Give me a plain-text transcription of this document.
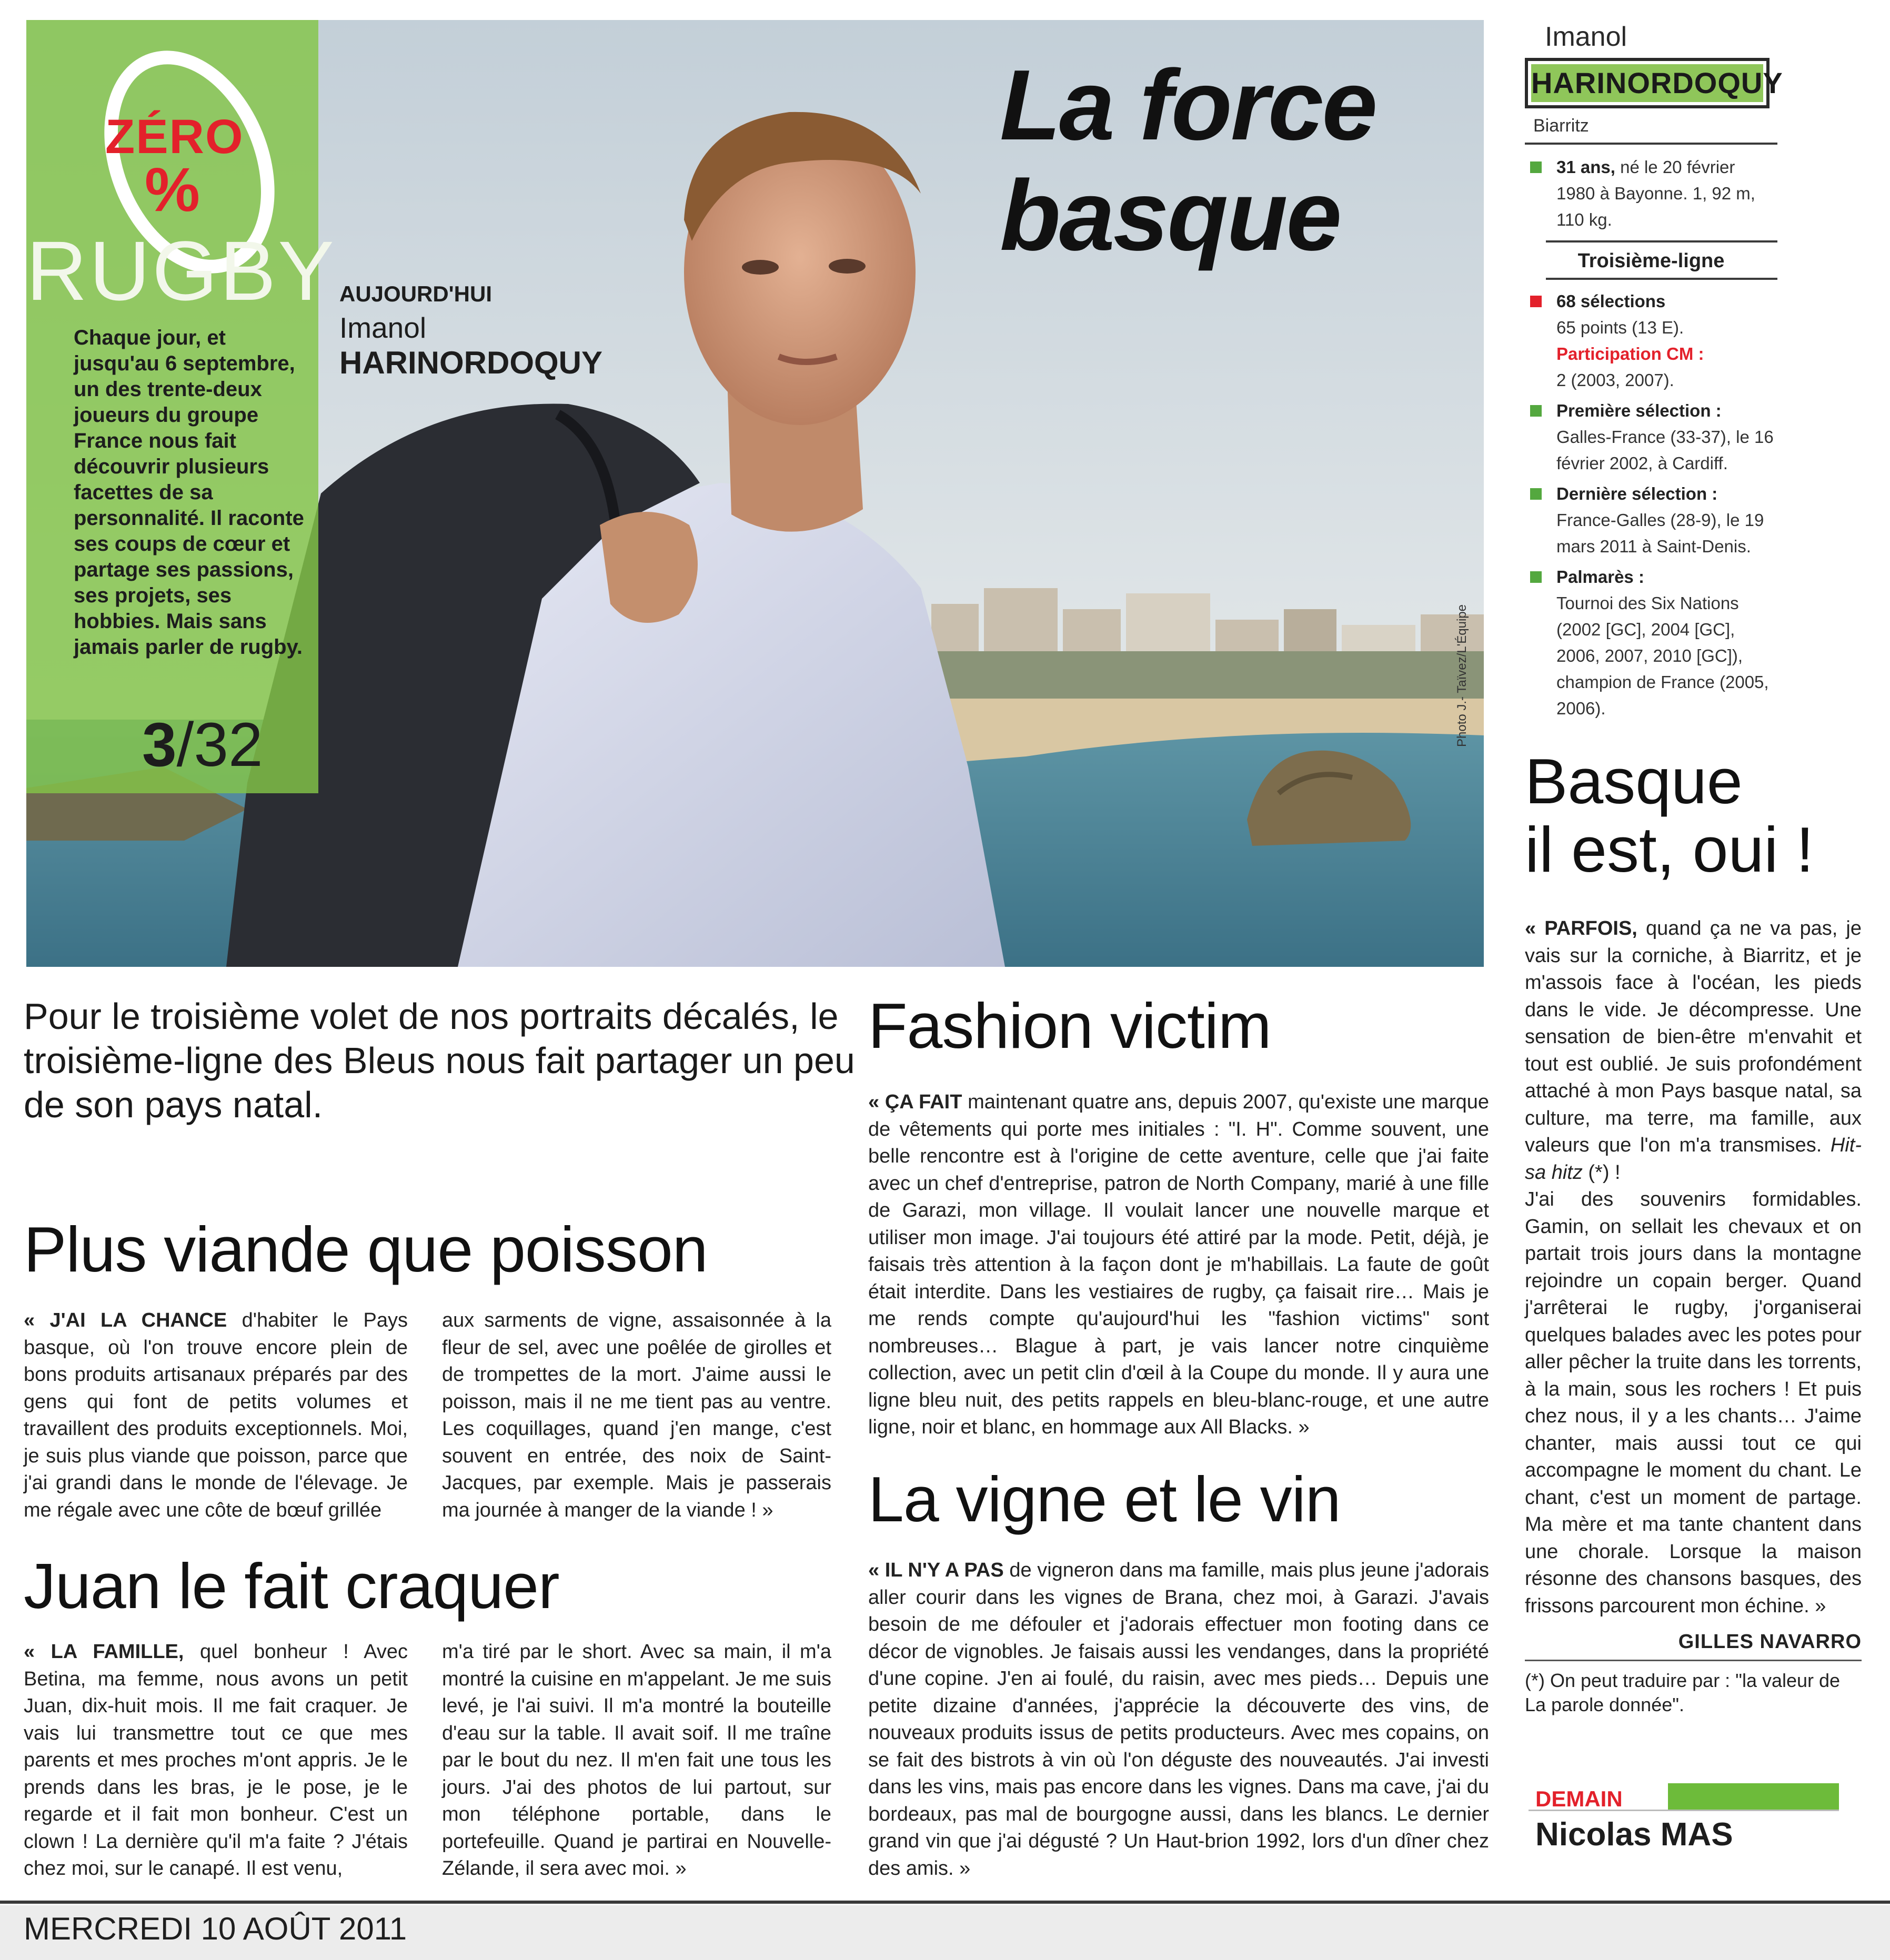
ZÉRO
%
RUGBY

Chaque jour, et jusqu'au 6 septembre, un des trente-deux joueurs du groupe France nous fait découvrir plusieurs facettes de sa personnalité. Il raconte ses coups de cœur et partage ses passions, ses projets, ses hobbies. Mais sans jamais parler de rugby.

3/32
La force
basque
AUJOURD'HUI
Imanol
HARINORDOQUY
Photo J.- Taïvez/L'Équipe
Imanol
HARINORDOQUY
Biarritz
31 ans, né le 20 février 1980 à Bayonne. 1, 92 m, 110 kg.
Troisième-ligne
68 sélections
65 points (13 E).
Participation CM :
2 (2003, 2007).
Première sélection :
Galles-France (33-37), le 16 février 2002, à Cardiff.
Dernière sélection :
France-Galles (28-9), le 19 mars 2011 à Saint-Denis.
Palmarès :
Tournoi des Six Nations (2002 [GC], 2004 [GC], 2006, 2007, 2010 [GC]), champion de France (2005, 2006).

Pour le troisième volet de nos portraits décalés, le troisième-ligne des Bleus nous fait partager un peu de son pays natal.

Plus viande que poisson

« J'AI LA CHANCE d'habiter le Pays basque, où l'on trouve encore plein de bons produits artisanaux préparés par des gens qui font de petits volumes et travaillent des produits exceptionnels. Moi, je suis plus viande que poisson, parce que j'ai grandi dans le monde de l'élevage. Je me régale avec une côte de bœuf grillée

aux sarments de vigne, assaisonnée à la fleur de sel, avec une poêlée de girolles et de trompettes de la mort. J'aime aussi le poisson, mais il ne me tient pas au ventre. Les coquillages, quand j'en mange, c'est souvent en entrée, des noix de Saint-Jacques, par exemple. Mais je passerais ma journée à manger de la viande ! »

Juan le fait craquer

« LA FAMILLE, quel bonheur ! Avec Betina, ma femme, nous avons un petit Juan, dix-huit mois. Il me fait craquer. Je vais lui transmettre tout ce que mes parents et mes proches m'ont appris. Je le prends dans les bras, je le pose, je le regarde et il fait mon bonheur. C'est un clown ! La dernière qu'il m'a faite ? J'étais chez moi, sur le canapé. Il est venu,

m'a tiré par le short. Avec sa main, il m'a montré la cuisine en m'appelant. Je me suis levé, je l'ai suivi. Il m'a montré la bouteille d'eau sur la table. Il avait soif. Il me traîne par le bout du nez. Il m'en fait une tous les jours. J'ai des photos de lui partout, sur mon téléphone portable, dans le portefeuille. Quand je partirai en Nouvelle-Zélande, il sera avec moi. »

Fashion victim

« ÇA FAIT maintenant quatre ans, depuis 2007, qu'existe une marque de vêtements qui porte mes initiales : "I. H". Comme souvent, une belle rencontre est à l'origine de cette aventure, celle que j'ai faite avec un chef d'entreprise, patron de North Company, marié à une fille de Garazi, mon village. Il voulait lancer une nouvelle marque et utiliser mon image. J'ai toujours été attiré par la mode. Petit, déjà, je faisais très attention à la façon dont je m'habillais. La faute de goût était interdite. Dans les vestiaires de rugby, ça faisait rire… Mais je me rends compte qu'aujourd'hui les "fashion victims" sont nombreuses… Blague à part, je vais lancer notre cinquième collection, avec un petit clin d'œil à la Coupe du monde. Il y aura une ligne bleu nuit, des petits rappels en bleu-blanc-rouge, et une autre ligne, noir et blanc, en hommage aux All Blacks. »

La vigne et le vin

« IL N'Y A PAS de vigneron dans ma famille, mais plus jeune j'adorais aller courir dans les vignes de Brana, chez moi, à Garazi. J'avais besoin de me défouler et j'adorais effectuer mon footing dans ce décor de vignobles. Je faisais aussi les vendanges, dans la propriété d'une copine. J'en ai foulé, du raisin, avec mes pieds… Depuis une petite dizaine d'années, j'apprécie la découverte des vins, de nouveaux produits issus de petits producteurs. Avec mes copains, on se fait des bistrots à vin où l'on déguste des nouveautés. J'ai investi dans les vins, mais pas encore dans les vignes. Dans ma cave, j'ai du bordeaux, pas mal de bourgogne aussi, dans les blancs. Le dernier grand vin que j'ai dégusté ? Un Haut-brion 1992, lors d'un dîner chez des amis. »

Basque
il est, oui !

« PARFOIS, quand ça ne va pas, je vais sur la corniche, à Biarritz, et je m'assois face à l'océan, les pieds dans le vide. Je décompresse. Une sensation de bien-être m'envahit et tout est oublié. Je suis profondément attaché à mon Pays basque natal, sa culture, ma terre, ma famille, aux valeurs que l'on m'a transmises. Hit-sa hitz (*) !

J'ai des souvenirs formidables. Gamin, on sellait les chevaux et on partait trois jours dans la montagne rejoindre un copain berger. Quand j'arrêterai le rugby, j'organiserai quelques balades avec les potes pour aller pêcher la truite dans les torrents, à la main, sous les rochers ! Et puis chez nous, il y a les chants… J'aime chanter, mais aussi tout ce qui accompagne le moment du chant. Le chant, c'est un moment de partage. Ma mère et ma tante chantent dans une chorale. Lorsque la maison résonne des chansons basques, des frissons parcourent mon échine. »

GILLES NAVARRO
(*) On peut traduire par : "la valeur de La parole donnée".
DEMAIN
Nicolas MAS
MERCREDI 10 AOÛT 2011
